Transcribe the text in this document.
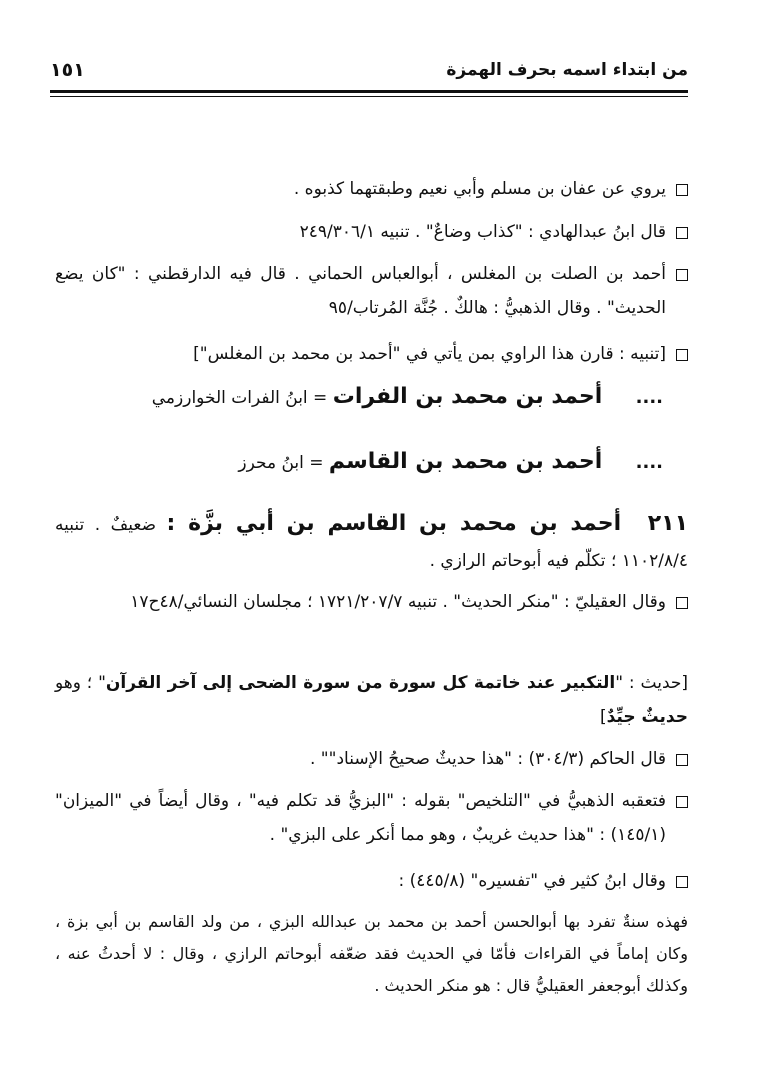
من ابتداء اسمه بحرف الهمزة
١٥١
يروي عن عفان بن مسلم وأبي نعيم وطبقتهما كذبوه .
قال ابنُ عبدالهادي : "كذاب وضاعٌ" . تنبيه ٢٤٩/٣٠٦/١
أحمد بن الصلت بن المغلس ، أبوالعباس الحماني . قال فيه الدارقطني : "كان يضع الحديث" . وقال الذهبيُّ : هالكٌ . جُنَّة المُرتاب/٩٥
[تنبيه : قارن هذا الراوي بمن يأتي في "أحمد بن محمد بن المغلس"]
.... أحمد بن محمد بن الفرات = ابنُ الفرات الخوارزمي
.... أحمد بن محمد بن القاسم = ابنُ محرز
٢١١ أحمد بن محمد بن القاسم بن أبي بزَّة : ضعيفٌ . تنبيه ١١٠٢/٨/٤ ؛ تكلّم فيه أبوحاتم الرازي .
وقال العقيليّ : "منكر الحديث" . تنبيه ١٧٢١/٢٠٧/٧ ؛ مجلسان النسائي/٤٨ح١٧
[حديث : "التكبير عند خاتمة كل سورة من سورة الضحى إلى آخر القرآن" ؛ وهو حديثٌ جيِّدٌ]
قال الحاكم (٣٠٤/٣) : "هذا حديثٌ صحيحُ الإسناد"" .
فتعقبه الذهبيُّ في "التلخيص" بقوله : "البزيُّ قد تكلم فيه" ، وقال أيضاً في "الميزان" (١٤٥/١) : "هذا حديث غريبٌ ، وهو مما أنكر على البزي" .
وقال ابنُ كثير في "تفسيره" (٤٤٥/٨) :
فهذه سنةٌ تفرد بها أبوالحسن أحمد بن محمد بن عبدالله البزي ، من ولد القاسم بن أبي بزة ، وكان إماماً في القراءات فأمّا في الحديث فقد ضعّفه أبوحاتم الرازي ، وقال : لا أحدثُ عنه ، وكذلك أبوجعفر العقيليُّ قال : هو منكر الحديث .
